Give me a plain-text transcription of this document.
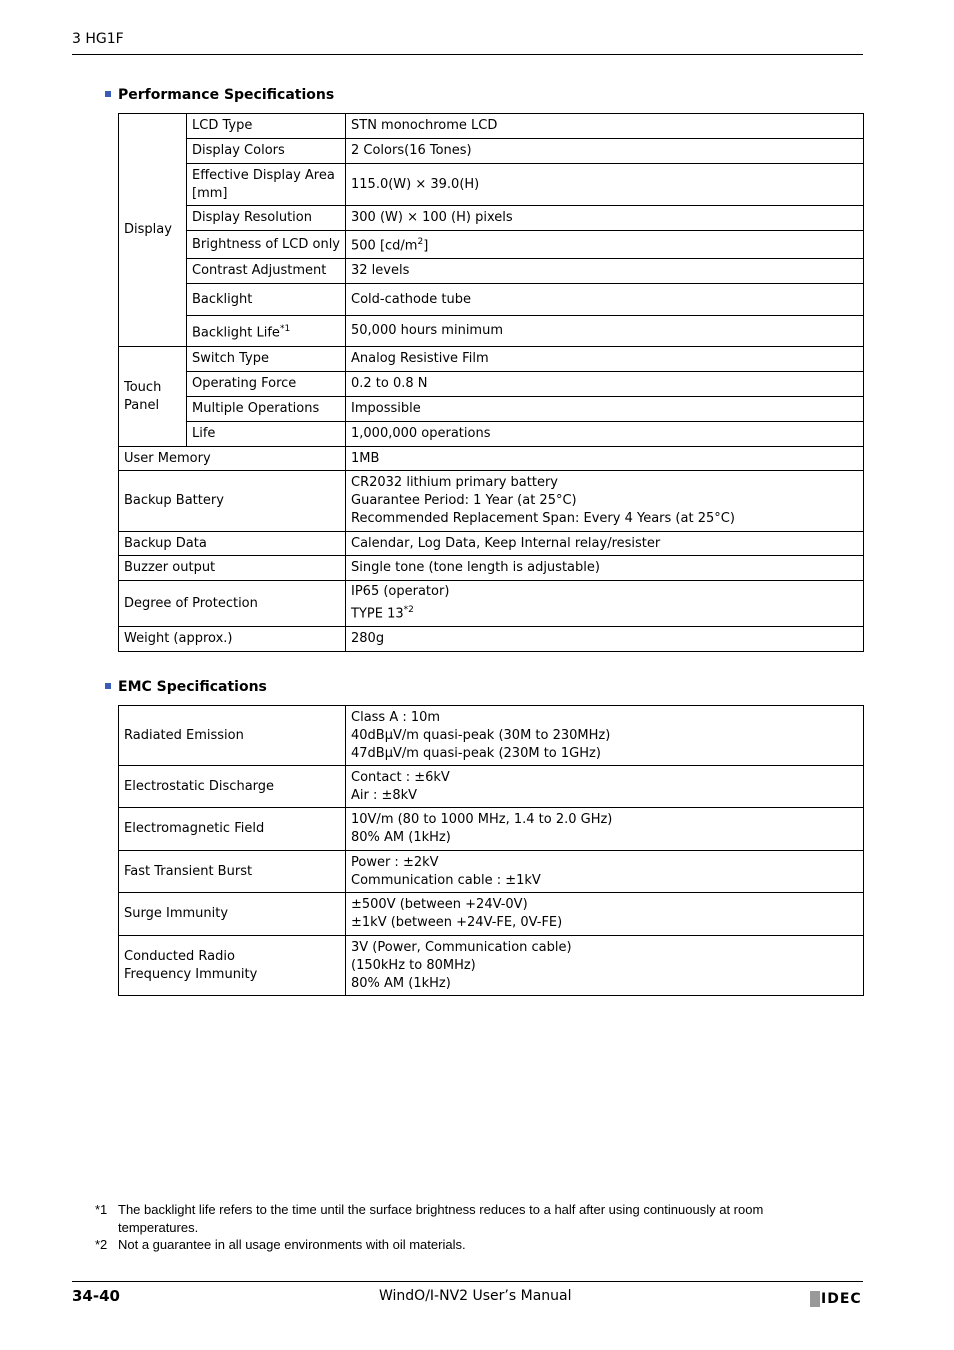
3 HG1F
Performance Specifications
Display	LCD Type	STN monochrome LCD
	Display Colors	2 Colors(16 Tones)
	Effective Display Area [mm]	115.0(W) × 39.0(H)
	Display Resolution	300 (W) × 100 (H) pixels
	Brightness of LCD only	500 $[cd/m^2]$
	Contrast Adjustment	32 levels
	Backlight	Cold-cathode tube
	Backlight Life$^{*1}$	50,000 hours minimum
Touch
Panel	Switch Type	Analog Resistive Film
	Operating Force	0.2 to 0.8 N
	Multiple Operations	Impossible
	Life	1,000,000 operations
User Memory		1MB
Backup Battery		CR2032 lithium primary battery
Guarantee Period: 1 Year (at 25°C)
Recommended Replacement Span: Every 4 Years (at 25°C)
Backup Data		Calendar, Log Data, Keep Internal relay/resister
Buzzer output		Single tone (tone length is adjustable)
Degree of Protection		IP65 (operator)
TYPE 13$^{*2}$
Weight (approx.)		280g
EMC Specifications
Radiated Emission	Class A : 10m
40dBµV/m quasi-peak (30M to 230MHz)
47dBµV/m quasi-peak (230M to 1GHz)
Electrostatic Discharge	Contact : ±6kV
Air : ±8kV
Electromagnetic Field	10V/m (80 to 1000 MHz, 1.4 to 2.0 GHz)
80% AM (1kHz)
Fast Transient Burst	Power : ±2kV
Communication cable : ±1kV
Surge Immunity	±500V (between +24V-0V)
±1kV (between +24V-FE, 0V-FE)
Conducted Radio
Frequency Immunity	3V (Power, Communication cable)
(150kHz to 80MHz)
80% AM (1kHz)
*1 The backlight life refers to the time until the surface brightness reduces to a half after using continuously at room
temperatures.
*2 Not a guarantee in all usage environments with oil materials.
34-40	WindO/I-NV2 User’s Manual	IDEC
